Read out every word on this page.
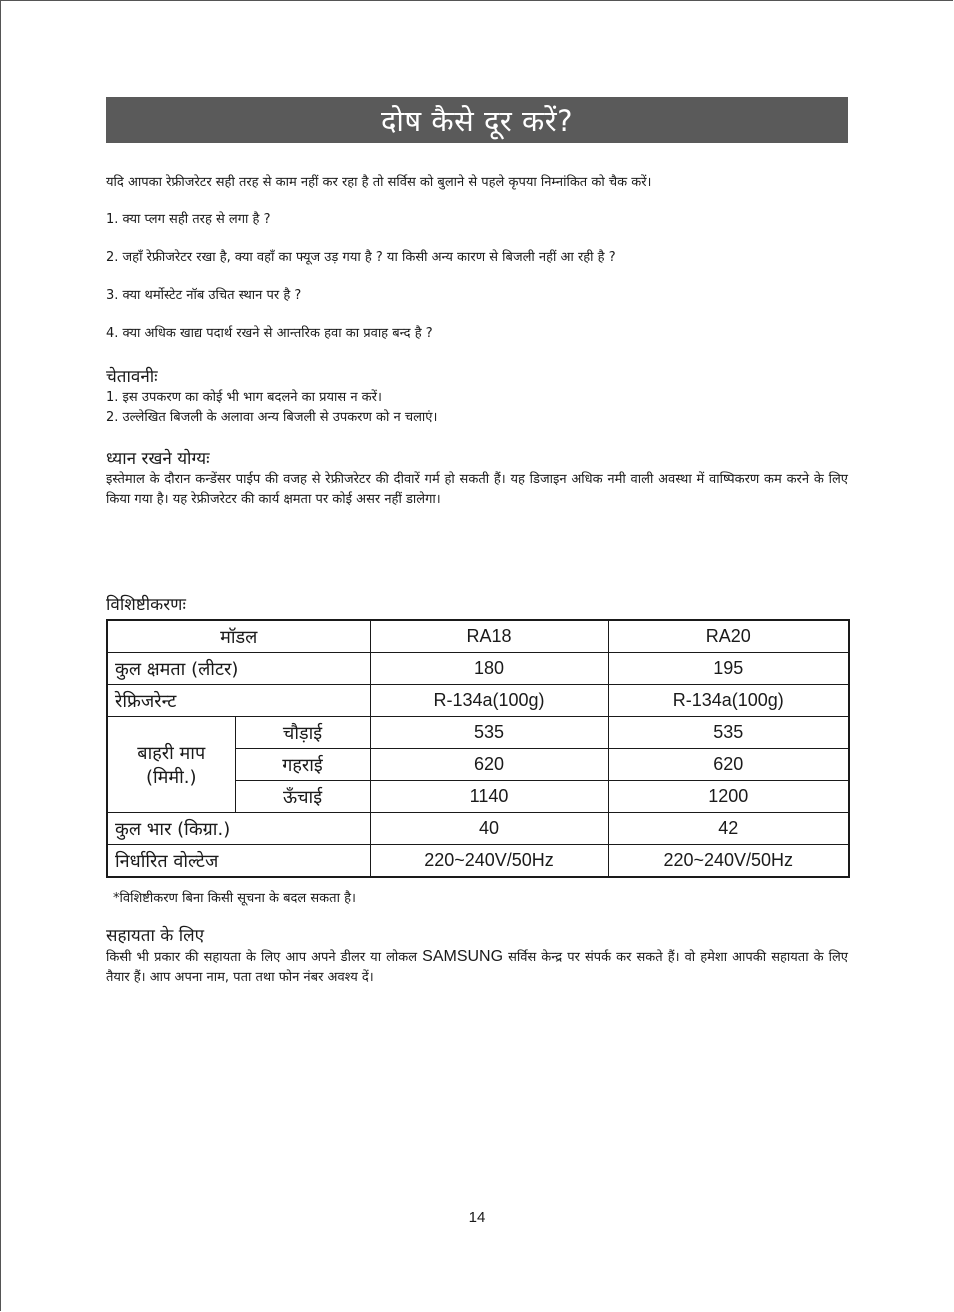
दोष कैसे दूर करें?
यदि आपका रेफ्रीजरेटर सही तरह से काम नहीं कर रहा है तो सर्विस को बुलाने से पहले कृपया निम्नांकित को चैक करें।
1. क्या प्लग सही तरह से लगा है ?
2. जहाँ रेफ्रीजरेटर रखा है, क्या वहाँ का फ्यूज उड़ गया है ? या किसी अन्य कारण से बिजली नहीं आ रही है ?
3. क्या थर्मोस्टेट नॉब उचित स्थान पर है ?
4. क्या अधिक खाद्य पदार्थ रखने से आन्तरिक हवा का प्रवाह बन्द है ?
चेतावनीः
1. इस उपकरण का कोई भी भाग बदलने का प्रयास न करें।
2. उल्लेखित बिजली के अलावा अन्य बिजली से उपकरण को न चलाएं।
ध्यान रखने योग्यः
इस्तेमाल के दौरान कन्डेंसर पाईप की वजह से रेफ्रीजरेटर की दीवारें गर्म हो सकती हैं। यह डिजाइन अधिक नमी वाली अवस्था में वाष्पिकरण कम करने के लिए किया गया है। यह रेफ्रीजरेटर की कार्य क्षमता पर कोई असर नहीं डालेगा।
विशिष्टीकरणः
मॉडल		RA18	RA20
कुल क्षमता (लीटर)		180	195
रेफ्रिजरेन्ट		R-134a(100g)	R-134a(100g)

बाहरी माप
(मिमी.)	चौड़ाई	535	535
	गहराई	620	620
	ऊँचाई	1140	1200
कुल भार (किग्रा.)		40	42
निर्धारित वोल्टेज		220~240V/50Hz	220~240V/50Hz
*विशिष्टीकरण बिना किसी सूचना के बदल सकता है।
सहायता के लिए
किसी भी प्रकार की सहायता के लिए आप अपने डीलर या लोकल SAMSUNG सर्विस केन्द्र पर संपर्क कर सकते हैं। वो हमेशा आपकी सहायता के लिए तैयार हैं। आप अपना नाम, पता तथा फोन नंबर अवश्य दें।
14
